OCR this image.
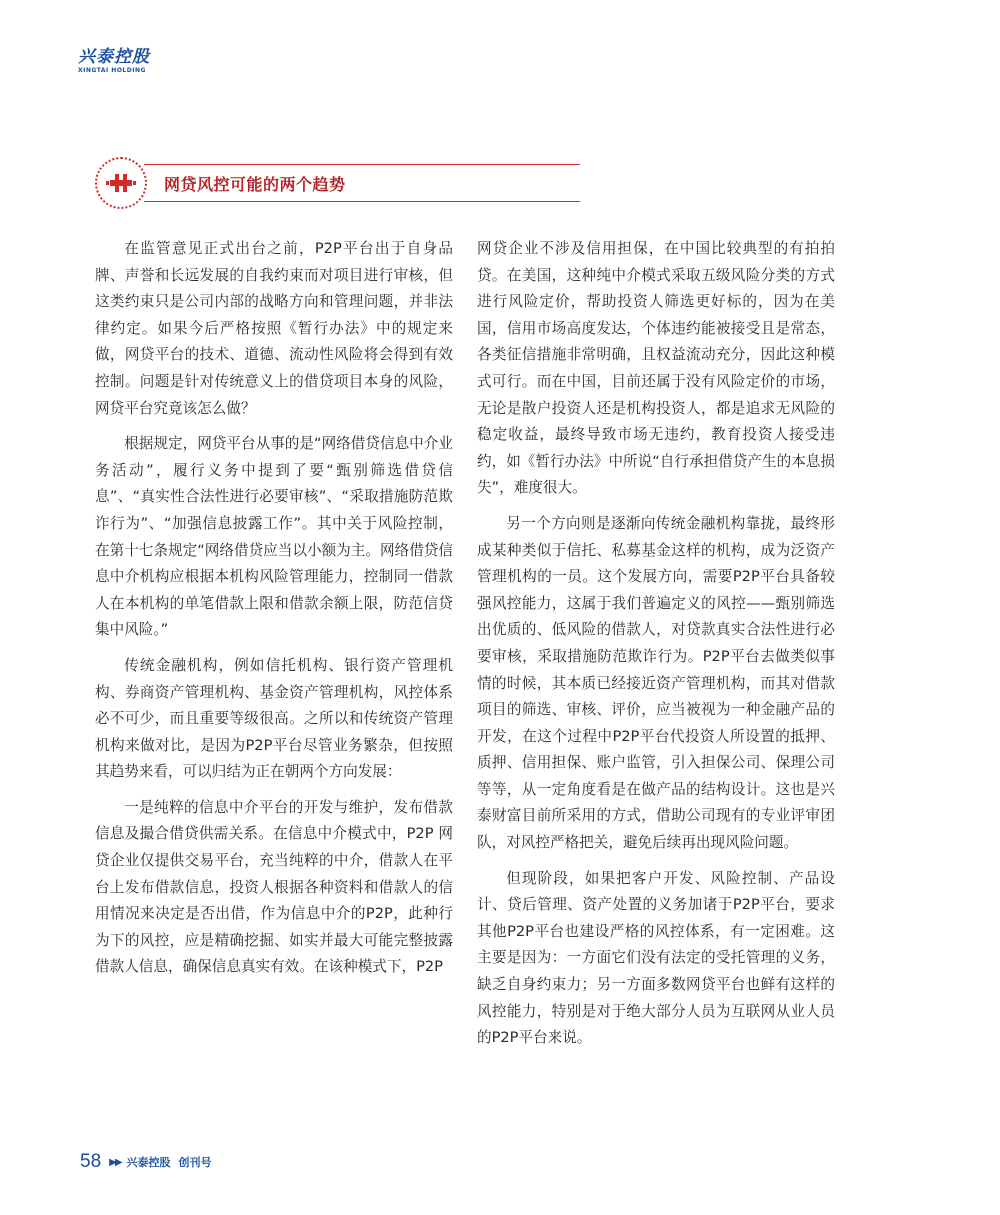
兴泰控股
XINGTAI HOLDING
网贷风控可能的两个趋势

在监管意见正式出台之前，P2P平台出于自身品牌、声誉和长远发展的自我约束而对项目进行审核，但这类约束只是公司内部的战略方向和管理问题，并非法律约定。如果今后严格按照《暂行办法》中的规定来做，网贷平台的技术、道德、流动性风险将会得到有效控制。问题是针对传统意义上的借贷项目本身的风险，网贷平台究竟该怎么做？

根据规定，网贷平台从事的是“网络借贷信息中介业务活动”，履行义务中提到了要“甄别筛选借贷信息”、“真实性合法性进行必要审核”、“采取措施防范欺诈行为”、“加强信息披露工作”。其中关于风险控制，在第十七条规定“网络借贷应当以小额为主。网络借贷信息中介机构应根据本机构风险管理能力，控制同一借款人在本机构的单笔借款上限和借款余额上限，防范信贷集中风险。”

传统金融机构，例如信托机构、银行资产管理机构、券商资产管理机构、基金资产管理机构，风控体系必不可少，而且重要等级很高。之所以和传统资产管理机构来做对比，是因为P2P平台尽管业务繁杂，但按照其趋势来看，可以归结为正在朝两个方向发展：

一是纯粹的信息中介平台的开发与维护，发布借款信息及撮合借贷供需关系。在信息中介模式中，P2P 网贷企业仅提供交易平台，充当纯粹的中介，借款人在平台上发布借款信息，投资人根据各种资料和借款人的信用情况来决定是否出借，作为信息中介的P2P，此种行为下的风控，应是精确挖掘、如实并最大可能完整披露借款人信息，确保信息真实有效。在该种模式下，P2P

网贷企业不涉及信用担保，在中国比较典型的有拍拍贷。在美国，这种纯中介模式采取五级风险分类的方式进行风险定价，帮助投资人筛选更好标的，因为在美国，信用市场高度发达，个体违约能被接受且是常态，各类征信措施非常明确，且权益流动充分，因此这种模式可行。而在中国，目前还属于没有风险定价的市场，无论是散户投资人还是机构投资人，都是追求无风险的稳定收益，最终导致市场无违约，教育投资人接受违约，如《暂行办法》中所说“自行承担借贷产生的本息损失”，难度很大。

另一个方向则是逐渐向传统金融机构靠拢，最终形成某种类似于信托、私募基金这样的机构，成为泛资产管理机构的一员。这个发展方向，需要P2P平台具备较强风控能力，这属于我们普遍定义的风控——甄别筛选出优质的、低风险的借款人，对贷款真实合法性进行必要审核，采取措施防范欺诈行为。P2P平台去做类似事情的时候，其本质已经接近资产管理机构，而其对借款项目的筛选、审核、评价，应当被视为一种金融产品的开发，在这个过程中P2P平台代投资人所设置的抵押、质押、信用担保、账户监管，引入担保公司、保理公司等等，从一定角度看是在做产品的结构设计。这也是兴泰财富目前所采用的方式，借助公司现有的专业评审团队，对风控严格把关，避免后续再出现风险问题。

但现阶段，如果把客户开发、风险控制、产品设计、贷后管理、资产处置的义务加诸于P2P平台，要求其他P2P平台也建设严格的风控体系，有一定困难。这主要是因为：一方面它们没有法定的受托管理的义务，缺乏自身约束力；另一方面多数网贷平台也鲜有这样的风控能力，特别是对于绝大部分人员为互联网从业人员的P2P平台来说。

58 ▶▶ 兴泰控股 创刊号
